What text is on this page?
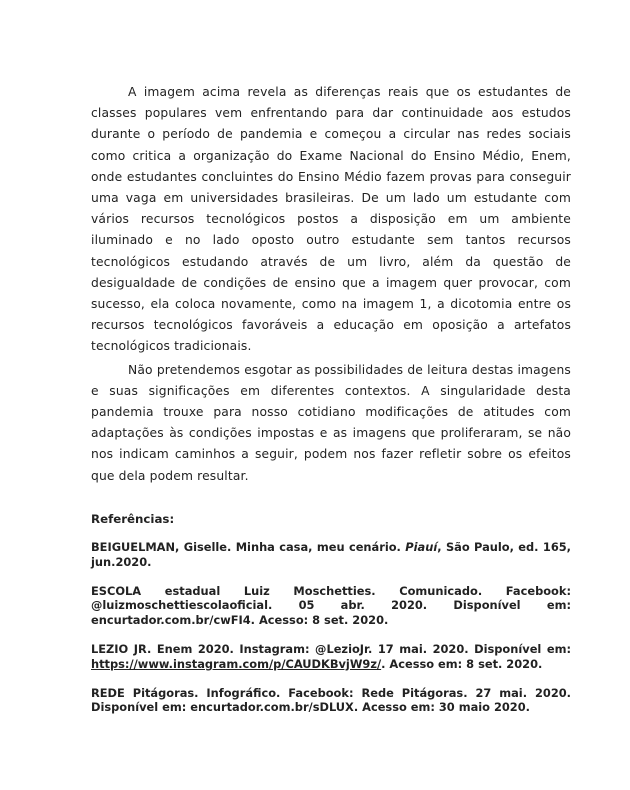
A imagem acima revela as diferenças reais que os estudantes de classes populares vem enfrentando para dar continuidade aos estudos durante o período de pandemia e começou a circular nas redes sociais como critica a organização do Exame Nacional do Ensino Médio, Enem, onde estudantes concluintes do Ensino Médio fazem provas para conseguir uma vaga em universidades brasileiras. De um lado um estudante com vários recursos tecnológicos postos a disposição em um ambiente iluminado e no lado oposto outro estudante sem tantos recursos tecnológicos estudando através de um livro, além da questão de desigualdade de condições de ensino que a imagem quer provocar, com sucesso, ela coloca novamente, como na imagem 1, a dicotomia entre os recursos tecnológicos favoráveis a educação em oposição a artefatos tecnológicos tradicionais.

Não pretendemos esgotar as possibilidades de leitura destas imagens e suas significações em diferentes contextos. A singularidade desta pandemia trouxe para nosso cotidiano modificações de atitudes com adaptações às condições impostas e as imagens que proliferaram, se não nos indicam caminhos a seguir, podem nos fazer refletir sobre os efeitos que dela podem resultar.

Referências:

BEIGUELMAN, Giselle. Minha casa, meu cenário. Piauí, São Paulo, ed. 165, jun.2020.

ESCOLA estadual Luiz Moschetties. Comunicado. Facebook: @luizmoschettiescolaoficial. 05 abr. 2020. Disponível em: encurtador.com.br/cwFI4. Acesso: 8 set. 2020.

LEZIO JR. Enem 2020. Instagram: @LezioJr. 17 mai. 2020. Disponível em: https://www.instagram.com/p/CAUDKBvjW9z/. Acesso em: 8 set. 2020.

REDE Pitágoras. Infográfico. Facebook: Rede Pitágoras. 27 mai. 2020. Disponível em: encurtador.com.br/sDLUX. Acesso em: 30 maio 2020.
